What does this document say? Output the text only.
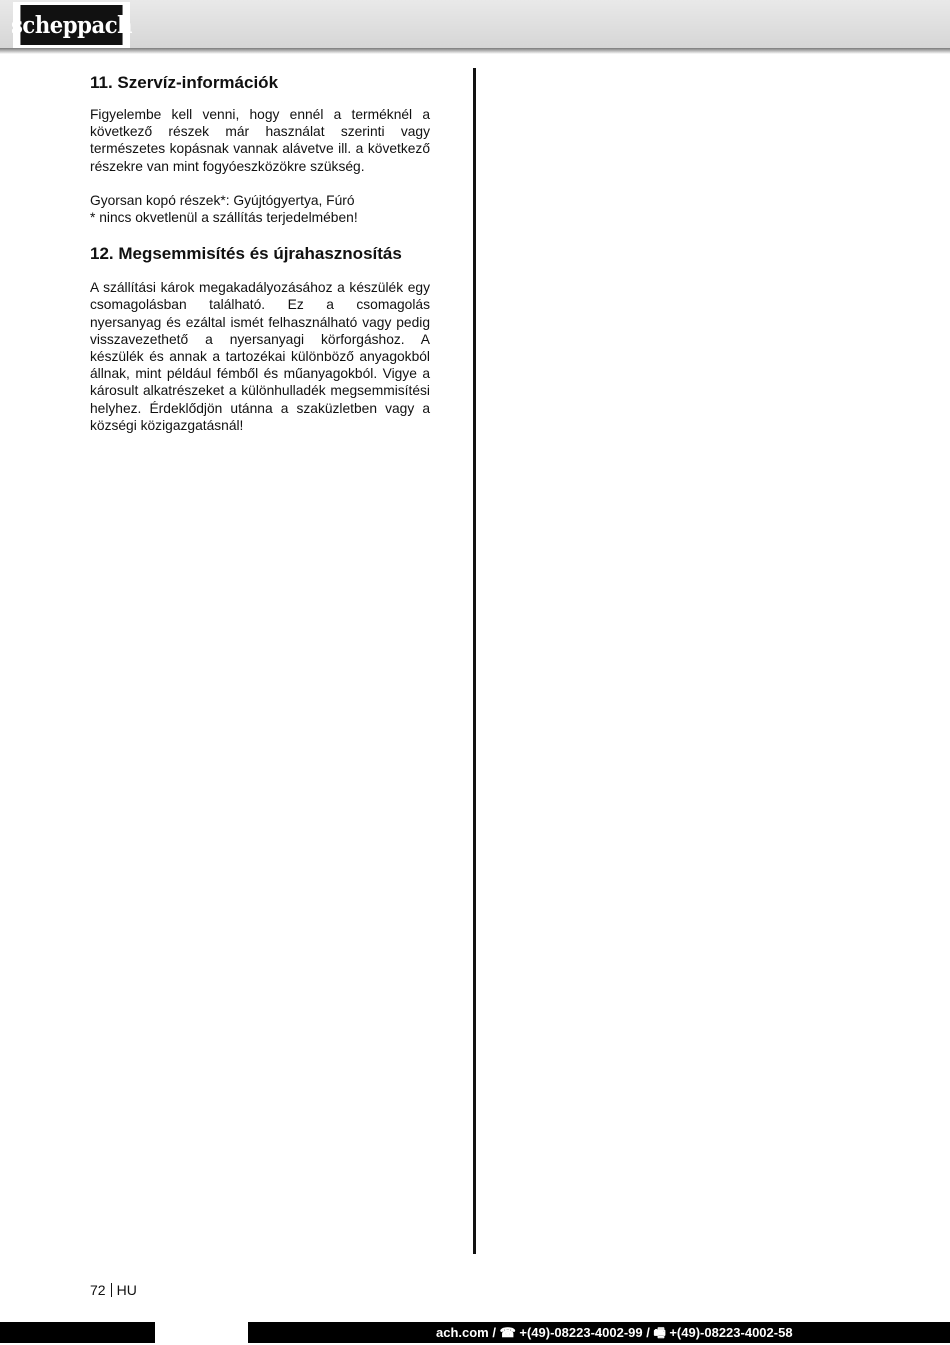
scheppach
11. Szervíz-információk

Figyelembe kell venni, hogy ennél a terméknél a következő részek már használat szerinti vagy természetes kopásnak vannak alávetve ill. a következő részekre van mint fogyóeszközökre szükség.

Gyorsan kopó részek*: Gyújtógyertya, Fúró

* nincs okvetlenül a szállítás terjedelmében!

12. Megsemmisítés és újrahasznosítás

A szállítási károk megakadályozásához a készülék egy csomagolásban található. Ez a csomagolás nyersanyag és ezáltal ismét felhasználható vagy pedig visszavezethető a nyersanyagi körforgáshoz. A készülék és annak a tartozékai különböző anyagokból állnak, mint például fémből és műanyagokból. Vigye a károsult alkatrészeket a különhulladék megsemmisítési helyhez. Érdeklődjön utánna a szaküzletben vagy a községi közigazgatásnál!

72 HU
ach.com / ☎ +(49)-08223-4002-99 / 🖷 +(49)-08223-4002-58
